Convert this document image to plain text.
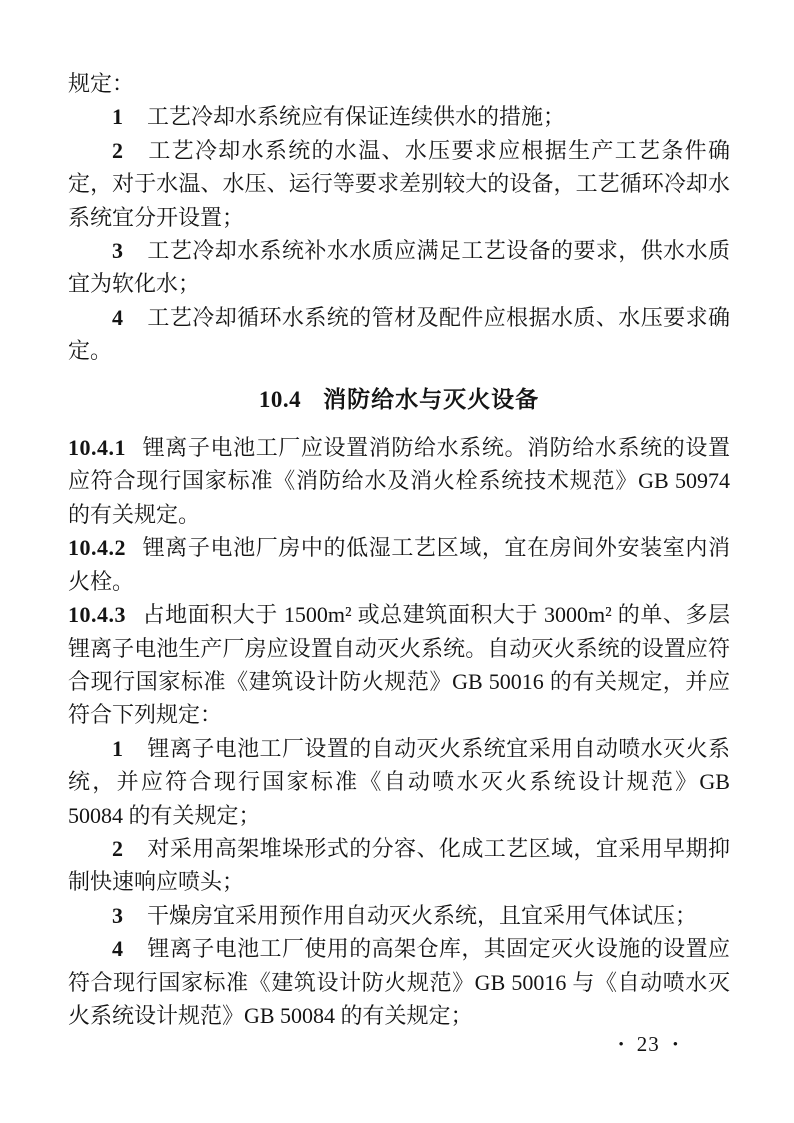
规定：

1 工艺冷却水系统应有保证连续供水的措施；

2 工艺冷却水系统的水温、水压要求应根据生产工艺条件确定，对于水温、水压、运行等要求差别较大的设备，工艺循环冷却水系统宜分开设置；

3 工艺冷却水系统补水水质应满足工艺设备的要求，供水水质宜为软化水；

4 工艺冷却循环水系统的管材及配件应根据水质、水压要求确定。

10.4 消防给水与灭火设备

10.4.1 锂离子电池工厂应设置消防给水系统。消防给水系统的设置应符合现行国家标准《消防给水及消火栓系统技术规范》GB 50974 的有关规定。

10.4.2 锂离子电池厂房中的低湿工艺区域，宜在房间外安装室内消火栓。

10.4.3 占地面积大于 1500m² 或总建筑面积大于 3000m² 的单、多层锂离子电池生产厂房应设置自动灭火系统。自动灭火系统的设置应符合现行国家标准《建筑设计防火规范》GB 50016 的有关规定，并应符合下列规定：

1 锂离子电池工厂设置的自动灭火系统宜采用自动喷水灭火系统，并应符合现行国家标准《自动喷水灭火系统设计规范》GB 50084 的有关规定；

2 对采用高架堆垛形式的分容、化成工艺区域，宜采用早期抑制快速响应喷头；

3 干燥房宜采用预作用自动灭火系统，且宜采用气体试压；

4 锂离子电池工厂使用的高架仓库，其固定灭火设施的设置应符合现行国家标准《建筑设计防火规范》GB 50016 与《自动喷水灭火系统设计规范》GB 50084 的有关规定；

• 23 •
